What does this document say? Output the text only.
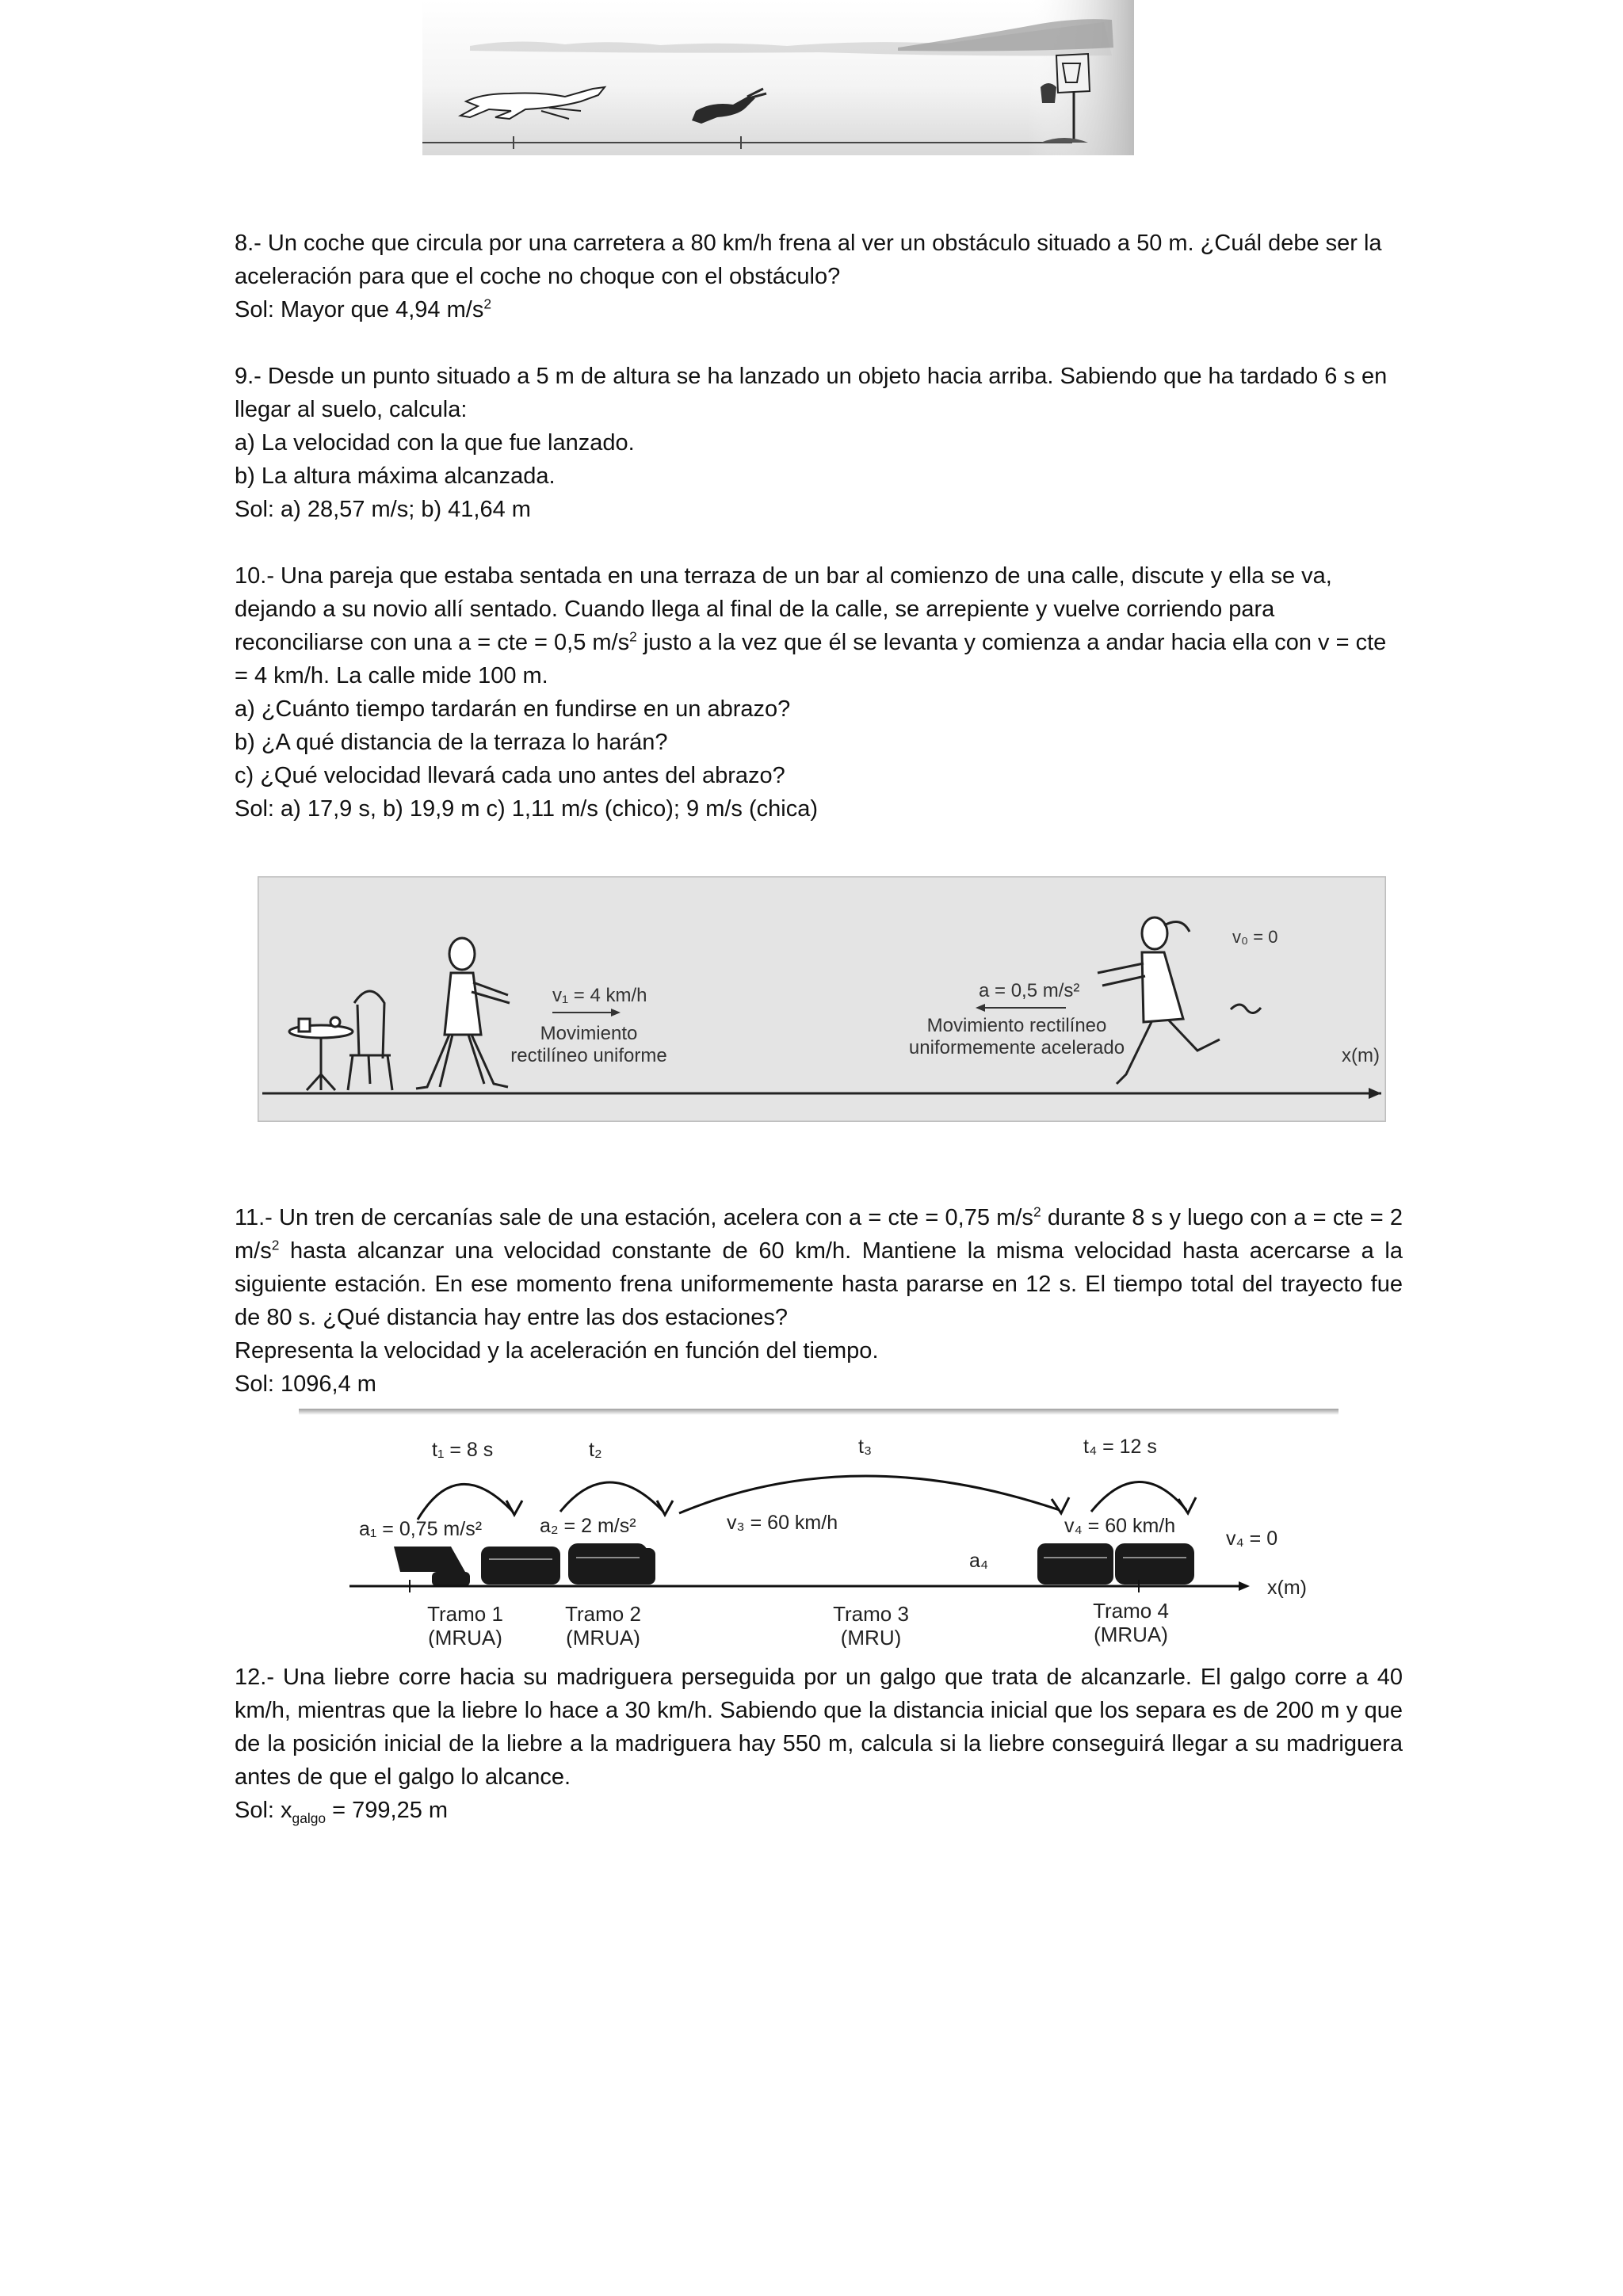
8.- Un coche que circula por una carretera a 80 km/h frena al ver un obstáculo situado a 50 m. ¿Cuál debe ser la aceleración para que el coche no choque con el obstáculo?

Sol: Mayor que 4,94 $m/s^2$

9.- Desde un punto situado a 5 m de altura se ha lanzado un objeto hacia arriba. Sabiendo que ha tardado 6 s en llegar al suelo, calcula:

a) La velocidad con la que fue lanzado.

b) La altura máxima alcanzada.

Sol: a) 28,57 m/s; b) 41,64 m

10.- Una pareja que estaba sentada en una terraza de un bar al comienzo de una calle, discute y ella se va, dejando a su novio allí sentado. Cuando llega al final de la calle, se arrepiente y vuelve corriendo para reconciliarse con una a = cte = 0,5 $m/s^2$ justo a la vez que él se levanta y comienza a andar hacia ella con v = cte = 4 km/h. La calle mide 100 m.

a) ¿Cuánto tiempo tardarán en fundirse en un abrazo?

b) ¿A qué distancia de la terraza lo harán?

c) ¿Qué velocidad llevará cada uno antes del abrazo?

Sol: a) 17,9 s, b) 19,9 m c) 1,11 m/s (chico); 9 m/s (chica)

v₀ = 0
a = 0,5 m/s²
v₁ = 4 km/h
Movimiento
rectilíneo uniforme
Movimiento rectilíneo
uniformemente acelerado	x(m)

11.- Un tren de cercanías sale de una estación, acelera con a = cte = 0,75 $m/s^2$ durante 8 s y luego con a = cte = 2 $m/s^2$ hasta alcanzar una velocidad constante de 60 km/h. Mantiene la misma velocidad hasta acercarse a la siguiente estación. En ese momento frena uniformemente hasta pararse en 12 s. El tiempo total del trayecto fue de 80 s. ¿Qué distancia hay entre las dos estaciones?

Representa la velocidad y la aceleración en función del tiempo.

Sol: 1096,4 m

t₁ = 8 s	t₂	t₃	t₄ = 12 s
a₁ = 0,75 m/s²	a₂ = 2 m/s²	v₃ = 60 km/h	v₄ = 60 km/h
v₄ = 0
a₄
x(m)
Tramo 1
(MRUA)
Tramo 2
(MRUA)
Tramo 3
(MRU)
Tramo 4
(MRUA)

12.- Una liebre corre hacia su madriguera perseguida por un galgo que trata de alcanzarle. El galgo corre a 40 km/h, mientras que la liebre lo hace a 30 km/h. Sabiendo que la distancia inicial que los separa es de 200 m y que de la posición inicial de la liebre a la madriguera hay 550 m, calcula si la liebre conseguirá llegar a su madriguera antes de que el galgo lo alcance.

Sol: $x_{galgo} = 799,25$ m
